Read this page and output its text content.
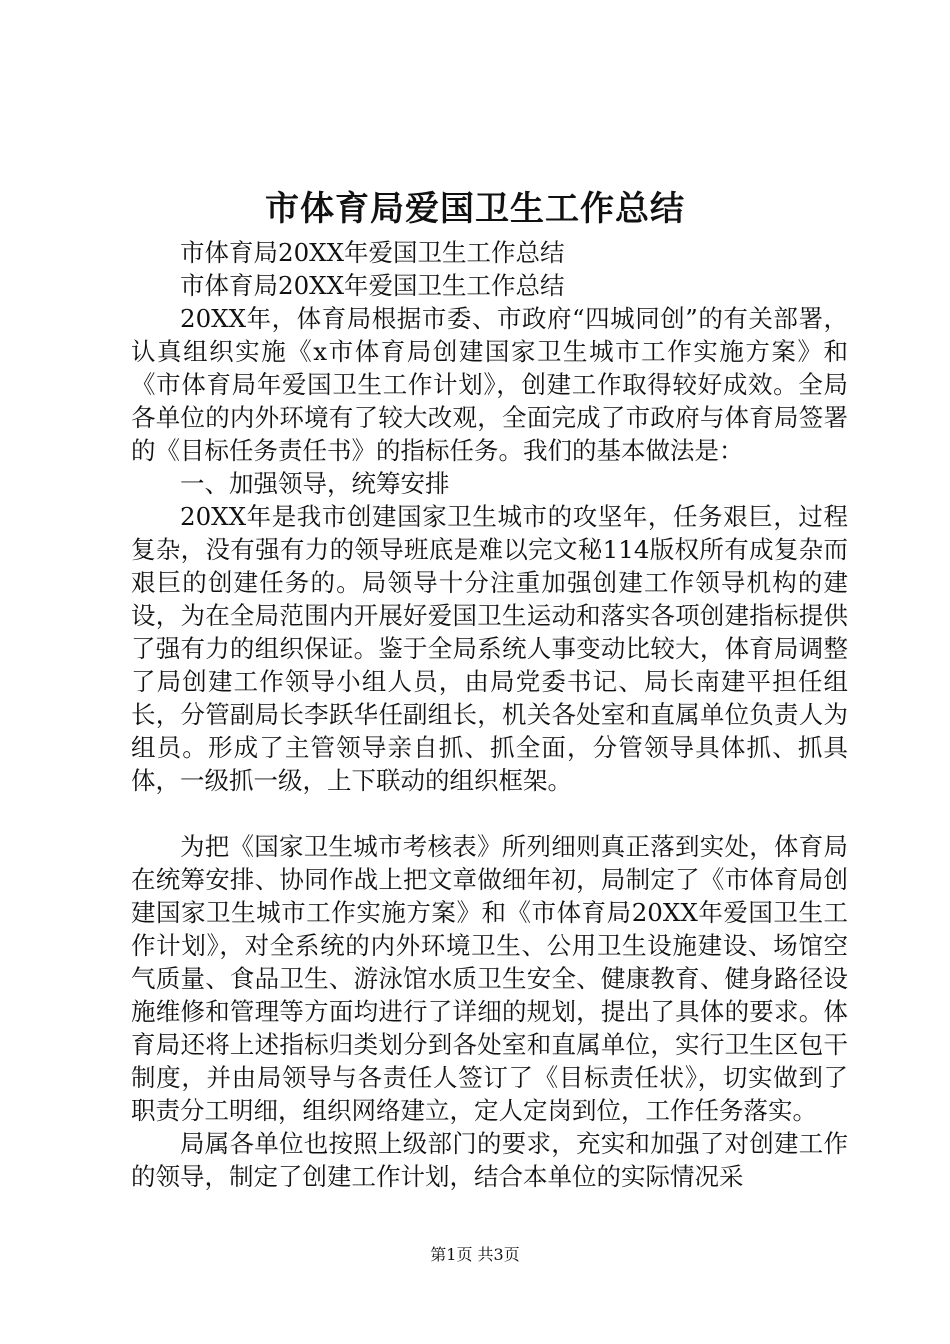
市体育局爱国卫生工作总结

市体育局20XX年爱国卫生工作总结

市体育局20XX年爱国卫生工作总结

20XX年，体育局根据市委、市政府“四城同创”的有关部署，认真组织实施《x市体育局创建国家卫生城市工作实施方案》和《市体育局年爱国卫生工作计划》，创建工作取得较好成效。全局各单位的内外环境有了较大改观，全面完成了市政府与体育局签署的《目标任务责任书》的指标任务。我们的基本做法是：

一、加强领导，统筹安排

20XX年是我市创建国家卫生城市的攻坚年，任务艰巨，过程复杂，没有强有力的领导班底是难以完文秘114版权所有成复杂而艰巨的创建任务的。局领导十分注重加强创建工作领导机构的建设，为在全局范围内开展好爱国卫生运动和落实各项创建指标提供了强有力的组织保证。鉴于全局系统人事变动比较大，体育局调整了局创建工作领导小组人员，由局党委书记、局长南建平担任组长，分管副局长李跃华任副组长，机关各处室和直属单位负责人为组员。形成了主管领导亲自抓、抓全面，分管领导具体抓、抓具体，一级抓一级，上下联动的组织框架。

为把《国家卫生城市考核表》所列细则真正落到实处，体育局在统筹安排、协同作战上把文章做细年初，局制定了《市体育局创建国家卫生城市工作实施方案》和《市体育局20XX年爱国卫生工作计划》，对全系统的内外环境卫生、公用卫生设施建设、场馆空气质量、食品卫生、游泳馆水质卫生安全、健康教育、健身路径设施维修和管理等方面均进行了详细的规划，提出了具体的要求。体育局还将上述指标归类划分到各处室和直属单位，实行卫生区包干制度，并由局领导与各责任人签订了《目标责任状》，切实做到了职责分工明细，组织网络建立，定人定岗到位，工作任务落实。

局属各单位也按照上级部门的要求，充实和加强了对创建工作的领导，制定了创建工作计划，结合本单位的实际情况采

第1页 共3页
